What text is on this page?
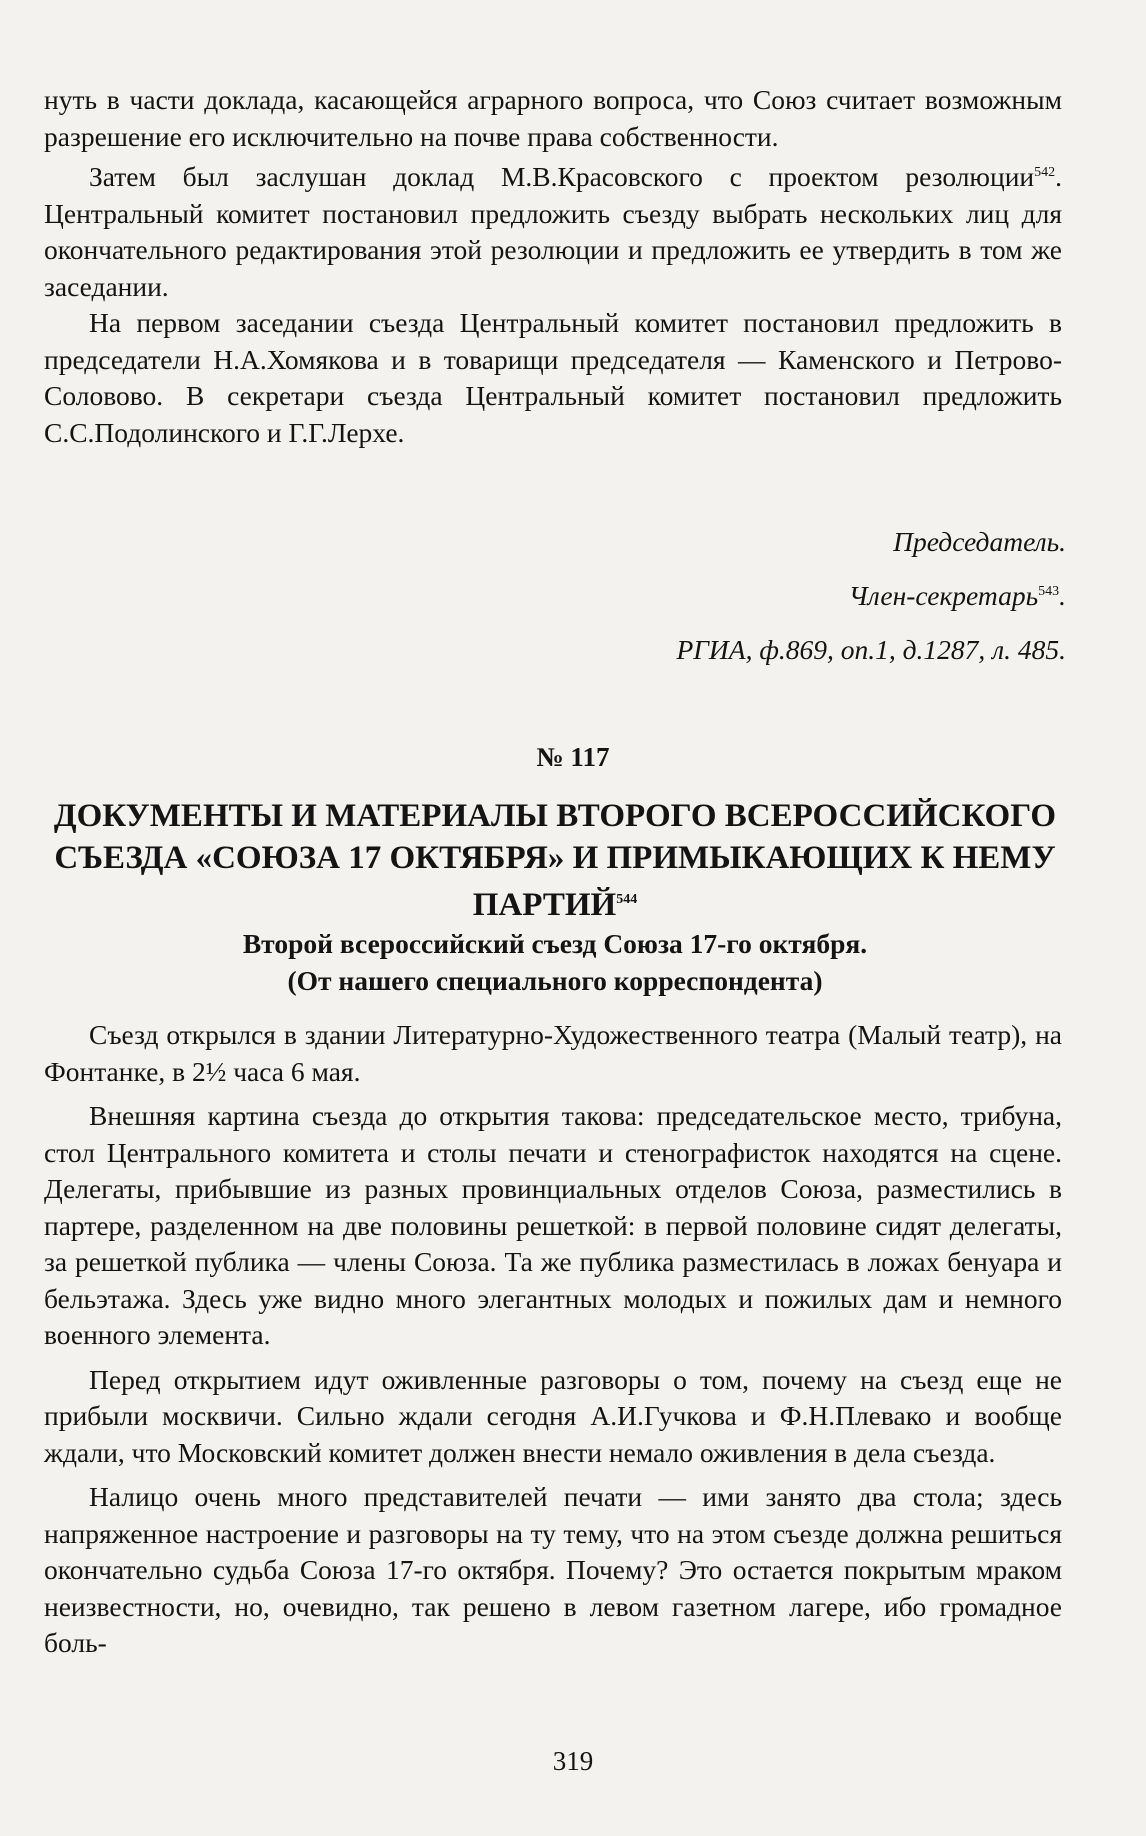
нуть в части доклада, касающейся аграрного вопроса, что Союз считает возможным разрешение его исключительно на почве права собственности.

Затем был заслушан доклад М.В.Красовского с проектом резолюции$^{542}$. Центральный комитет постановил предложить съезду выбрать нескольких лиц для окончательного редактирования этой резолюции и предложить ее утвердить в том же заседании.

На первом заседании съезда Центральный комитет постановил предложить в председатели Н.А.Хомякова и в товарищи председателя — Каменского и Петрово-Соловово. В секретари съезда Центральный комитет постановил предложить С.С.Подолинского и Г.Г.Лерхе.

Председатель.
Член-секретарь$^{543}$.
РГИА, ф.869, оп.1, д.1287, л. 485.
№ 117
ДОКУМЕНТЫ И МАТЕРИАЛЫ ВТОРОГО ВСЕРОССИЙСКОГО СЪЕЗДА «СОЮЗА 17 ОКТЯБРЯ» И ПРИМЫКАЮЩИХ К НЕМУ ПАРТИЙ$^{544}$
Второй всероссийский съезд Союза 17-го октября.
(От нашего специального корреспондента)

Съезд открылся в здании Литературно-Художественного театра (Малый театр), на Фонтанке, в 2½ часа 6 мая.

Внешняя картина съезда до открытия такова: председательское место, трибуна, стол Центрального комитета и столы печати и стенографисток находятся на сцене. Делегаты, прибывшие из разных провинциальных отделов Союза, разместились в партере, разделенном на две половины решеткой: в первой половине сидят делегаты, за решеткой публика — члены Союза. Та же публика разместилась в ложах бенуара и бельэтажа. Здесь уже видно много элегантных молодых и пожилых дам и немного военного элемента.

Перед открытием идут оживленные разговоры о том, почему на съезд еще не прибыли москвичи. Сильно ждали сегодня А.И.Гучкова и Ф.Н.Плевако и вообще ждали, что Московский комитет должен внести немало оживления в дела съезда.

Налицо очень много представителей печати — ими занято два стола; здесь напряженное настроение и разговоры на ту тему, что на этом съезде должна решиться окончательно судьба Союза 17-го октября. Почему? Это остается покрытым мраком неизвестности, но, очевидно, так решено в левом газетном лагере, ибо громадное боль-

319
